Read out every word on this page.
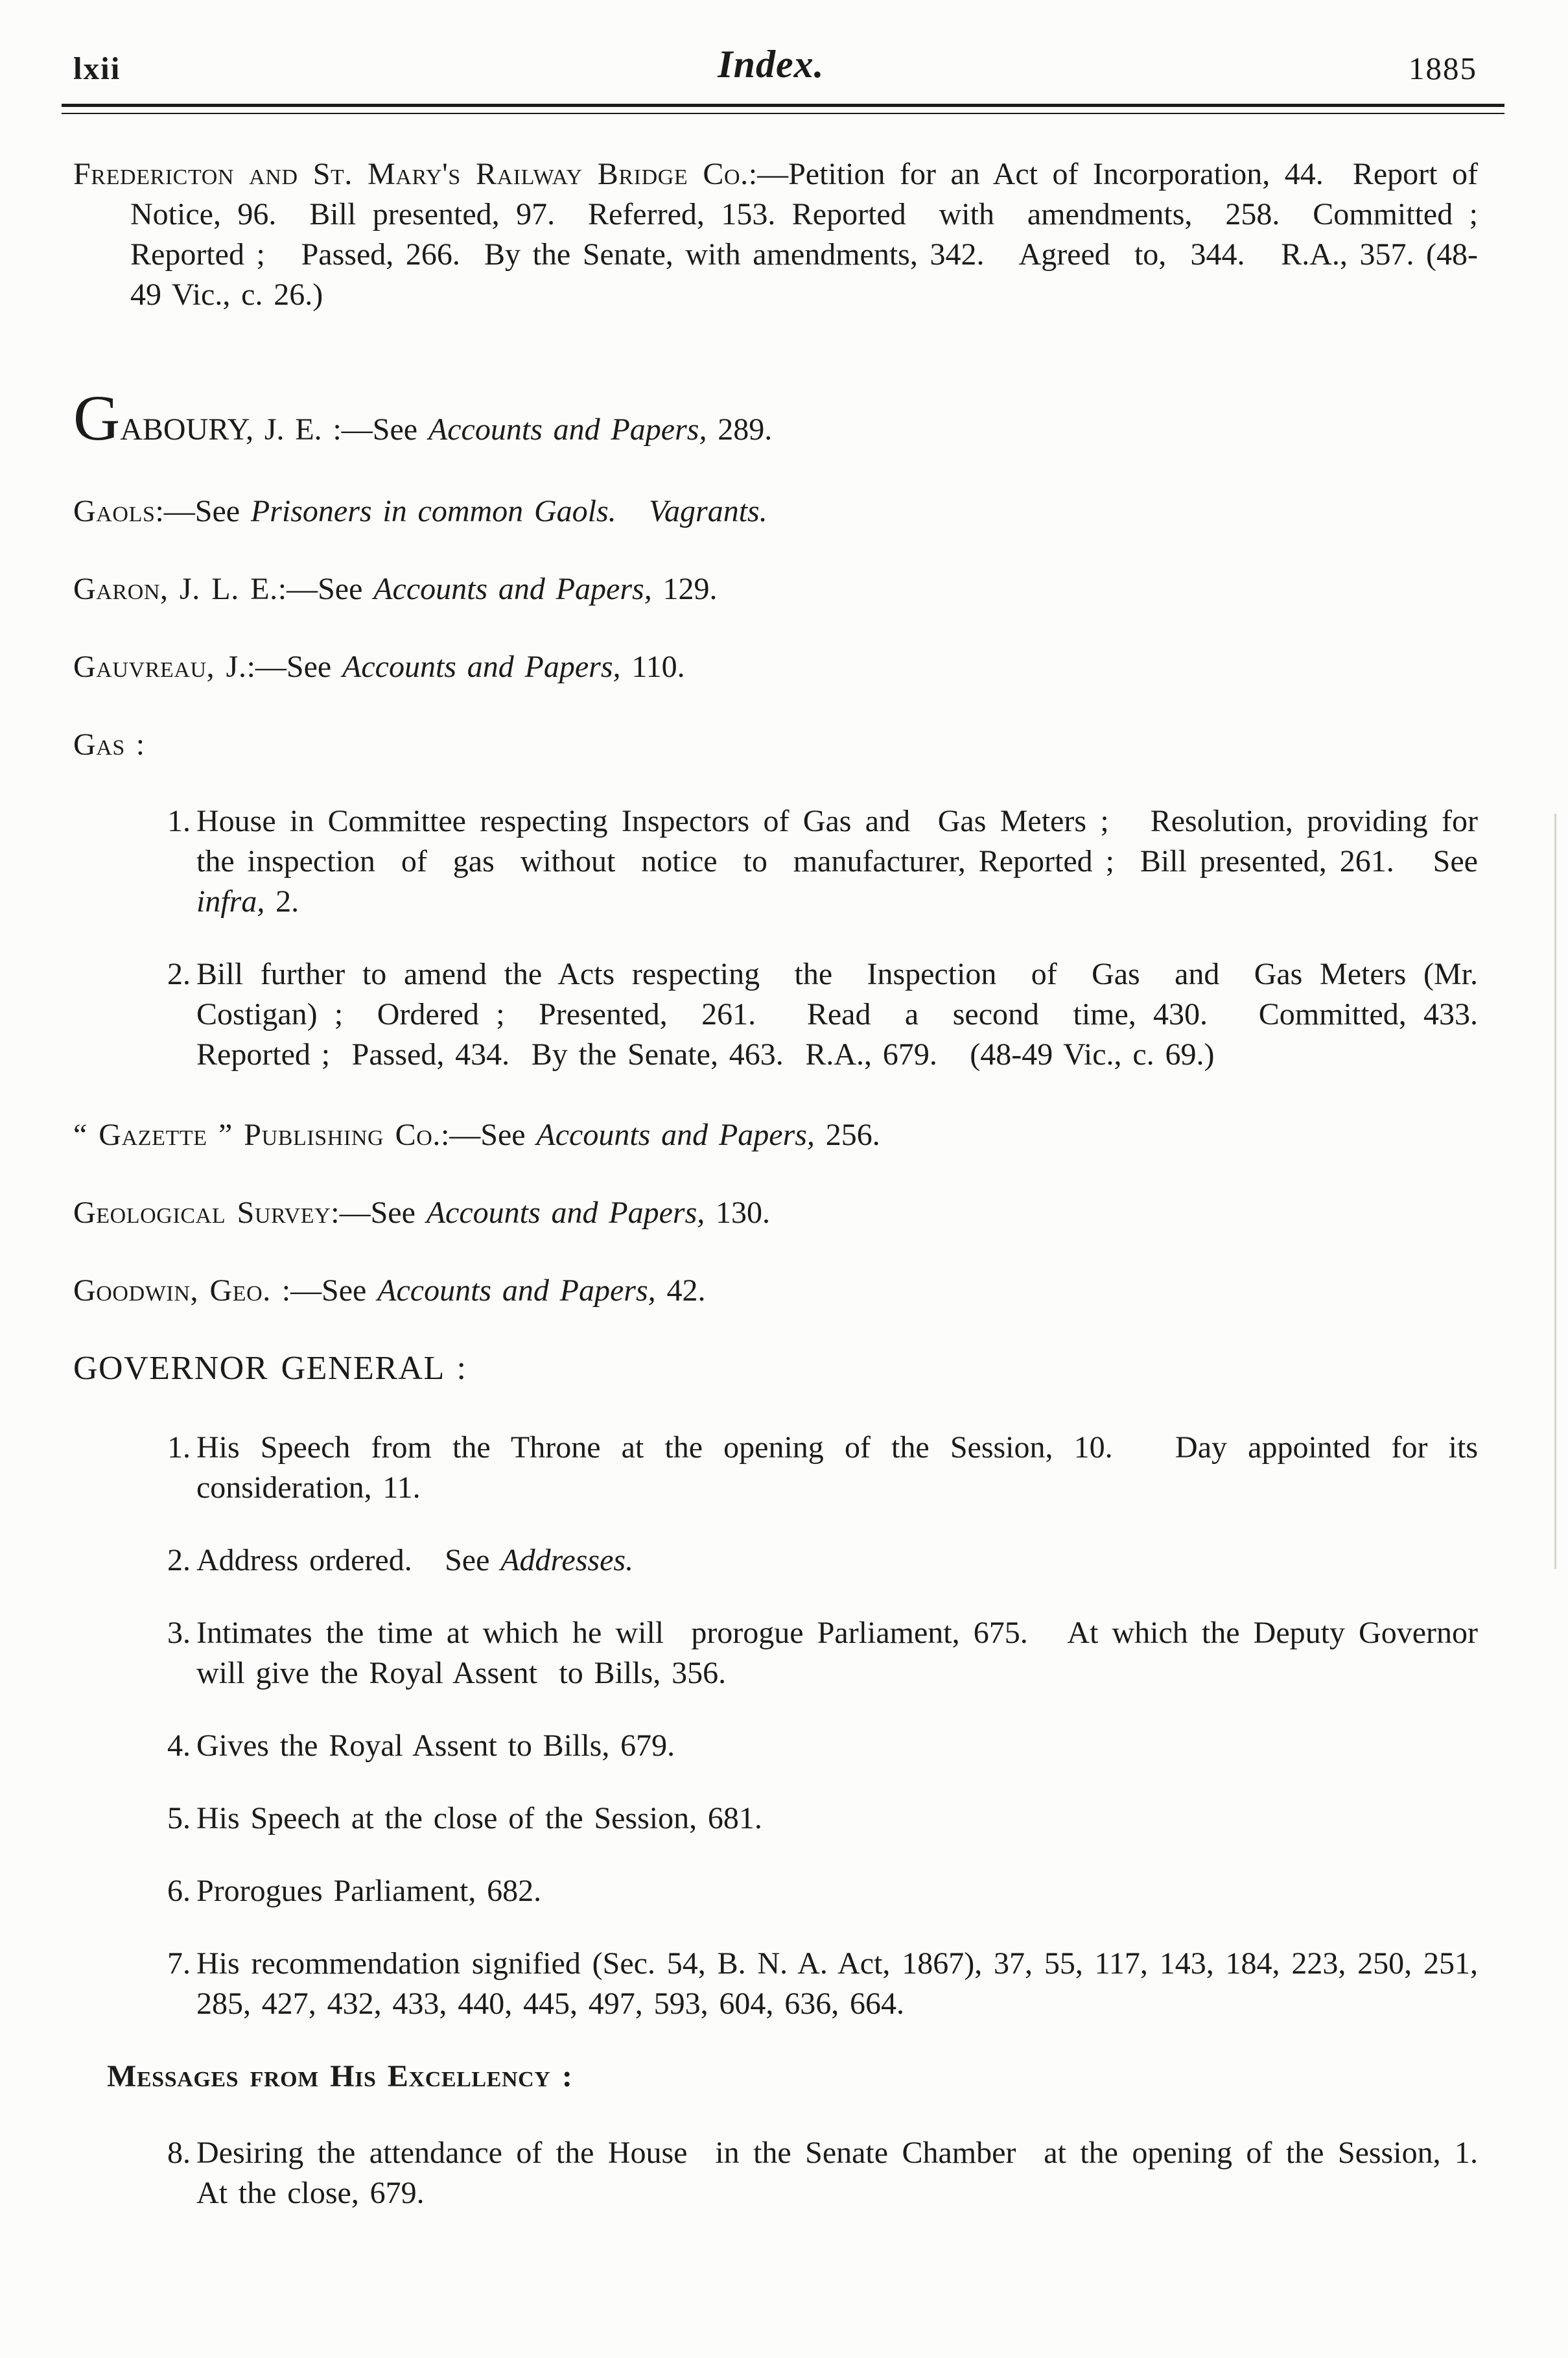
lxii	Index.	1885

Fredericton and St. Mary's Railway Bridge Co.:—Petition for an Act of Incorporation, 44.  Report of Notice, 96.  Bill presented, 97.  Referred, 153. Reported  with  amendments,  258.  Committed ;   Reported ;   Passed, 266.  By the Senate, with amendments, 342.   Agreed  to,  344.   R.A., 357. (48-49 Vic., c. 26.)

GABOURY, J. E. :—See Accounts and Papers, 289.

Gaols:—See Prisoners in common Gaols.   Vagrants.

Garon, J. L. E.:—See Accounts and Papers, 129.

Gauvreau, J.:—See Accounts and Papers, 110.

Gas :

1. House in Committee respecting Inspectors of Gas and  Gas Meters ;   Resolution, providing for the inspection  of  gas  without  notice  to  manufacturer, Reported ;  Bill presented, 261.   See infra, 2.

2. Bill further to amend the Acts respecting  the  Inspection  of  Gas  and  Gas Meters (Mr. Costigan) ;  Ordered ;  Presented,  261.   Read  a  second  time, 430.   Committed, 433.   Reported ;  Passed, 434.  By the Senate, 463.  R.A., 679.   (48-49 Vic., c. 69.)

“ Gazette ” Publishing Co.:—See Accounts and Papers, 256.

Geological Survey:—See Accounts and Papers, 130.

Goodwin, Geo. :—See Accounts and Papers, 42.

GOVERNOR GENERAL :

1. His Speech from the Throne at the opening of the Session, 10.   Day appointed for its consideration, 11.

2. Address ordered.   See Addresses.

3. Intimates the time at which he will  prorogue Parliament, 675.   At which the Deputy Governor will give the Royal Assent  to Bills, 356.

4. Gives the Royal Assent to Bills, 679.

5. His Speech at the close of the Session, 681.

6. Prorogues Parliament, 682.

7. His recommendation signified (Sec. 54, B. N. A. Act, 1867), 37, 55, 117, 143, 184, 223, 250, 251, 285, 427, 432, 433, 440, 445, 497, 593, 604, 636, 664.

Messages from His Excellency :

8. Desiring the attendance of the House  in the Senate Chamber  at the opening of the Session, 1.   At the close, 679.
